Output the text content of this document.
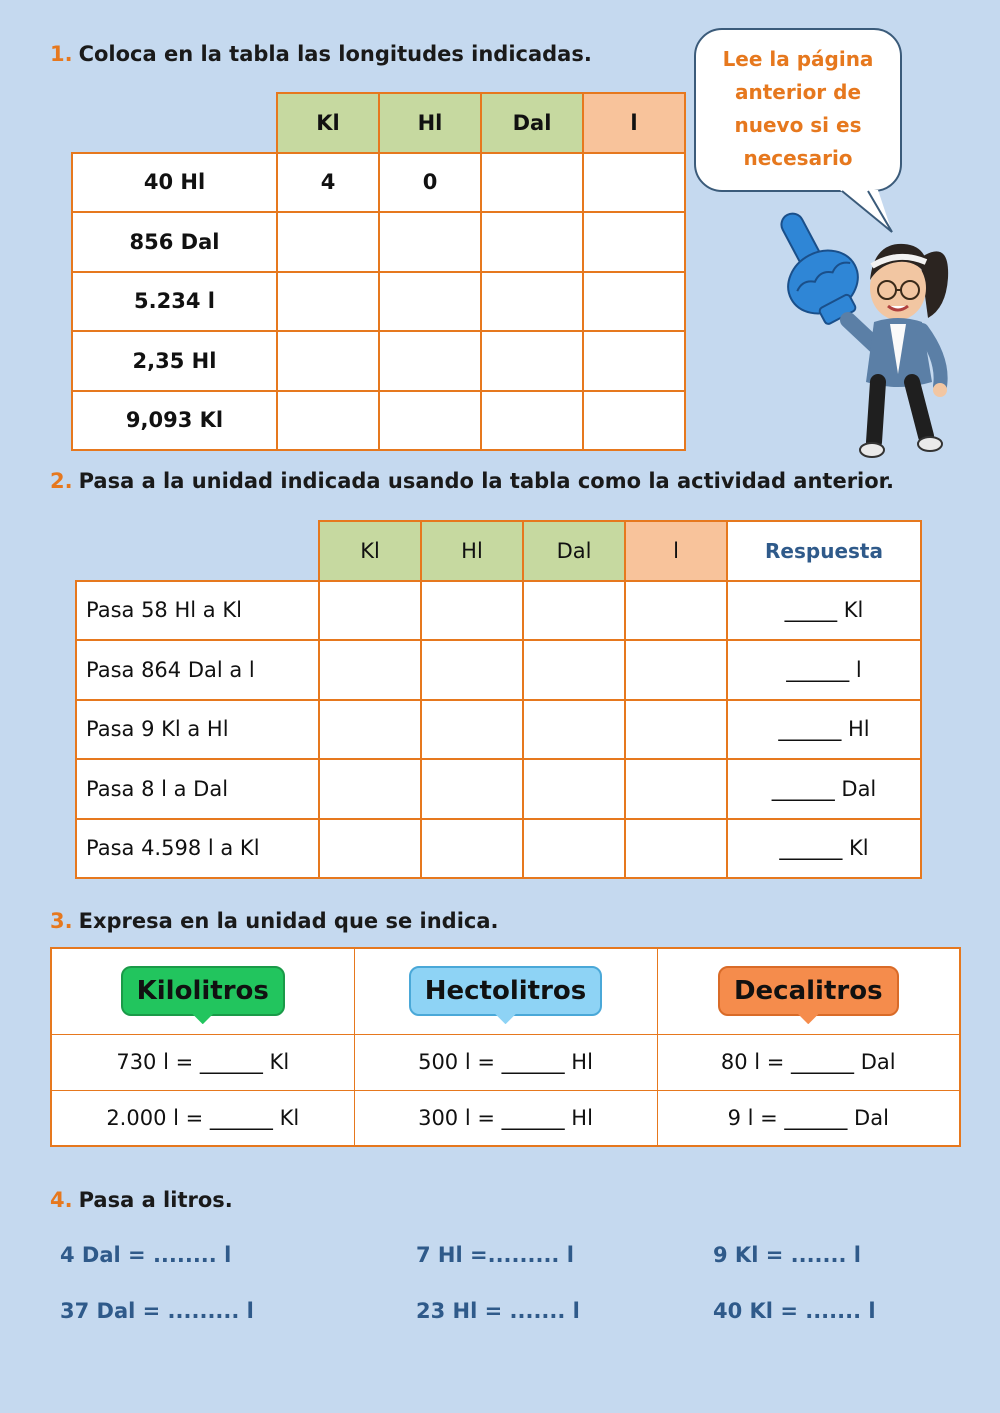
1. Coloca en la tabla las longitudes indicadas.
	Kl	Hl	Dal	l
40 Hl	4	0		
856 Dal				
5.234 l				
2,35 Hl				
9,093 Kl				
Lee la página
anterior de
nuevo si es
necesario
2. Pasa a la unidad indicada usando la tabla como la actividad anterior.
	Kl	Hl	Dal	l	Respuesta
Pasa 58 Hl a Kl					_____ Kl
Pasa 864 Dal a l					______ l
Pasa 9 Kl a Hl					______ Hl
Pasa 8 l a Dal					______ Dal
Pasa 4.598 l a Kl					______ Kl
3. Expresa en la unidad que se indica.
Kilolitros	Hectolitros	Decalitros
730 l = ______ Kl	500 l = ______ Hl	80 l = ______ Dal
2.000 l = ______ Kl	300 l = ______ Hl	9 l = ______ Dal
4. Pasa a litros.
4 Dal = ........ l	7 Hl =......... l	9 Kl = ....... l
37 Dal = ......... l	23 Hl = ....... l	40 Kl = ....... l
